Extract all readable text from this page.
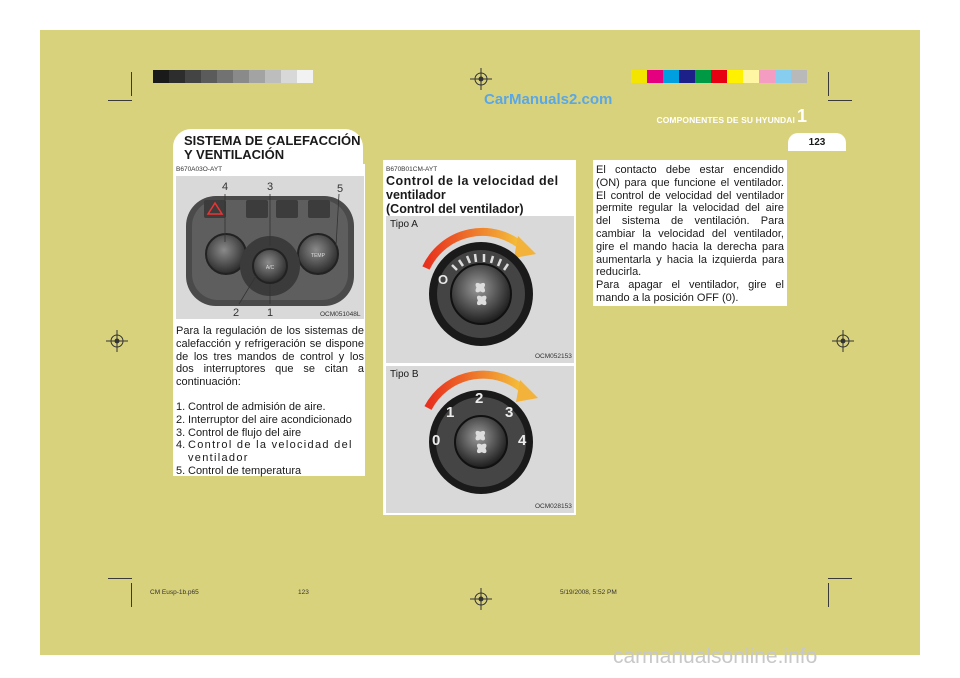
CarManuals2.com
COMPONENTES DE SU HYUNDAI 1
123
SISTEMA DE CALEFACCIÓN
Y VENTILACIÓN
B670A03O-AYT
A/C
TEMP
4	3	5
2	1	OCM051048L
Para la regulación de los sistemas de calefacción y refrigeración se dispone de los tres mandos de control y los dos interruptores que se citan a continuación:
1. Control de admisión de aire.
2. Interruptor del aire acondicionado
3. Control de flujo del aire
4. Control de la velocidad del ventilador
5. Control de temperatura
B670B01CM-AYT
Control de la velocidad del
ventilador
(Control del ventilador)
Tipo A
O
OCM052153
Tipo B
0
1
2
3
4
OCM028153
El contacto debe estar encendido (ON) para que funcione el ventilador. El control de velocidad del ventilador permite regular la velocidad del aire del sistema de ventilación. Para cambiar la velocidad del ventilador, gire el mando hacia la derecha para aumentarla y hacia la izquierda para reducirla.
Para apagar el ventilador, gire el mando a la posición OFF (0).
CM Eusp-1b.p65	123	5/19/2008, 5:52 PM
carmanualsonline.info
